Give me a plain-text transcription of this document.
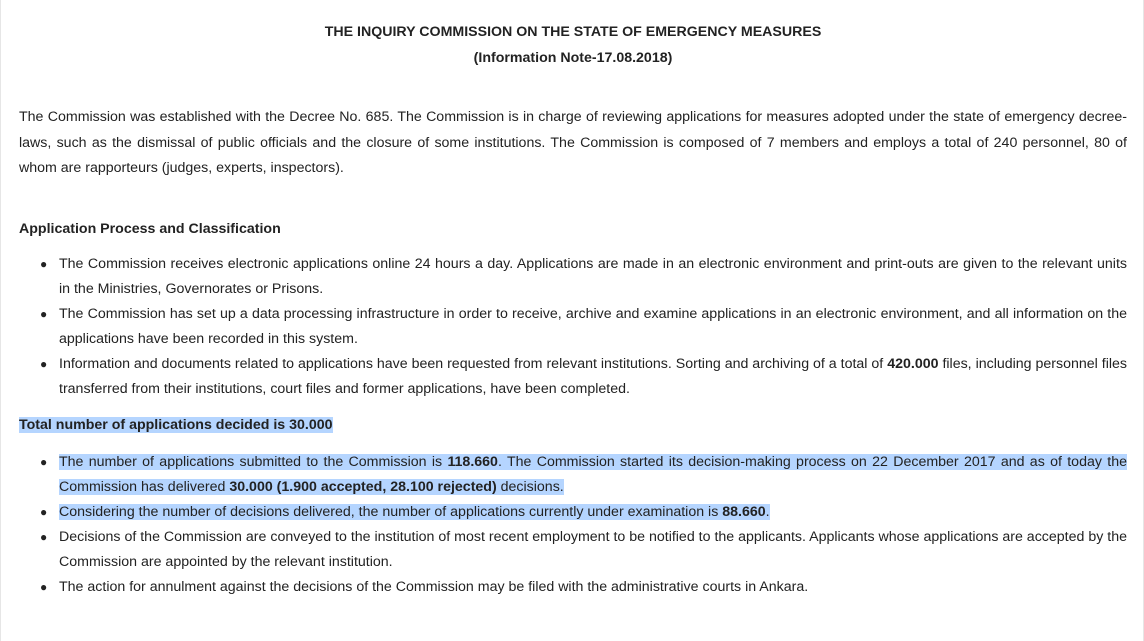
THE INQUIRY COMMISSION ON THE STATE OF EMERGENCY MEASURES
(Information Note-17.08.2018)

The Commission was established with the Decree No. 685. The Commission is in charge of reviewing applications for measures adopted under the state of emergency decree-laws, such as the dismissal of public officials and the closure of some institutions. The Commission is composed of 7 members and employs a total of 240 personnel, 80 of whom are rapporteurs (judges, experts, inspectors).

Application Process and Classification
● The Commission receives electronic applications online 24 hours a day. Applications are made in an electronic environment and print-outs are given to the relevant units in the Ministries, Governorates or Prisons.
● The Commission has set up a data processing infrastructure in order to receive, archive and examine applications in an electronic environment, and all information on the applications have been recorded in this system.
● Information and documents related to applications have been requested from relevant institutions. Sorting and archiving of a total of 420.000 files, including personnel files transferred from their institutions, court files and former applications, have been completed.
Total number of applications decided is 30.000
● The number of applications submitted to the Commission is 118.660. The Commission started its decision-making process on 22 December 2017 and as of today the Commission has delivered 30.000 (1.900 accepted, 28.100 rejected) decisions.
● Considering the number of decisions delivered, the number of applications currently under examination is 88.660.
● Decisions of the Commission are conveyed to the institution of most recent employment to be notified to the applicants. Applicants whose applications are accepted by the Commission are appointed by the relevant institution.
● The action for annulment against the decisions of the Commission may be filed with the administrative courts in Ankara.
